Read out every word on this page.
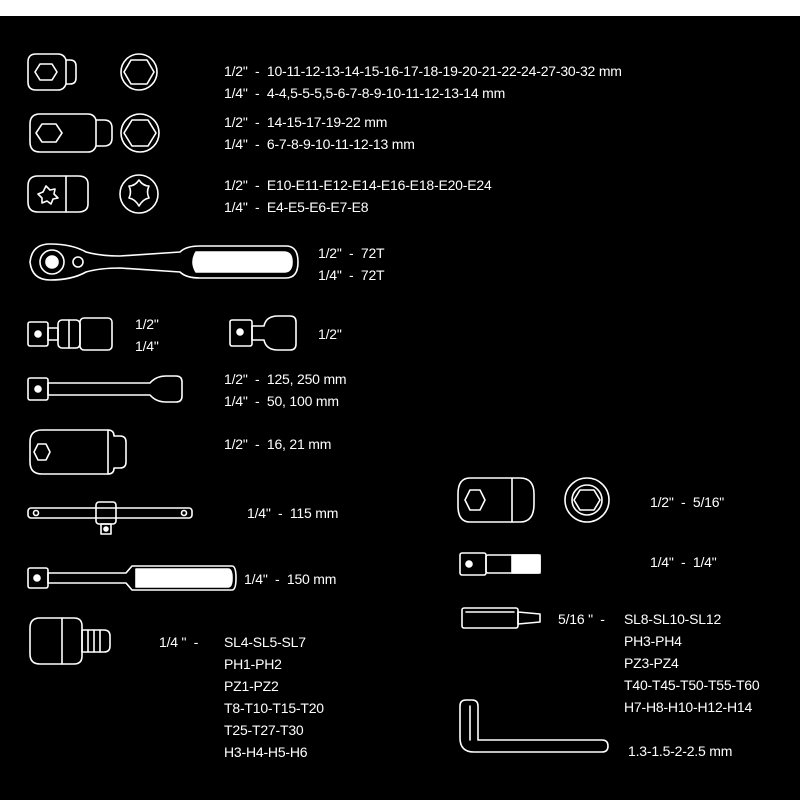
1/2"  -  10-11-12-13-14-15-16-17-18-19-20-21-22-24-27-30-32 mm
1/4"  -  4-4,5-5-5,5-6-7-8-9-10-11-12-13-14 mm
1/2"  -  14-15-17-19-22 mm
1/4"  -  6-7-8-9-10-11-12-13 mm
1/2"  -  E10-E11-E12-E14-E16-E18-E20-E24
1/4"  -  E4-E5-E6-E7-E8
1/2"  -  72T
1/4"  -  72T
1/2"
1/4"
1/2"
1/2"  -  125, 250 mm
1/4"  -  50, 100 mm
1/2"  -  16, 21 mm
1/4"  -  115 mm
1/4"  -  150 mm
1/4 "  - SL4-SL5-SL7
PH1-PH2
PZ1-PZ2
T8-T10-T15-T20
T25-T27-T30
H3-H4-H5-H6
1/2"  -  5/16"
1/4"  -  1/4"
5/16 "  - SL8-SL10-SL12
PH3-PH4
PZ3-PZ4
T40-T45-T50-T55-T60
H7-H8-H10-H12-H14
1.3-1.5-2-2.5 mm
